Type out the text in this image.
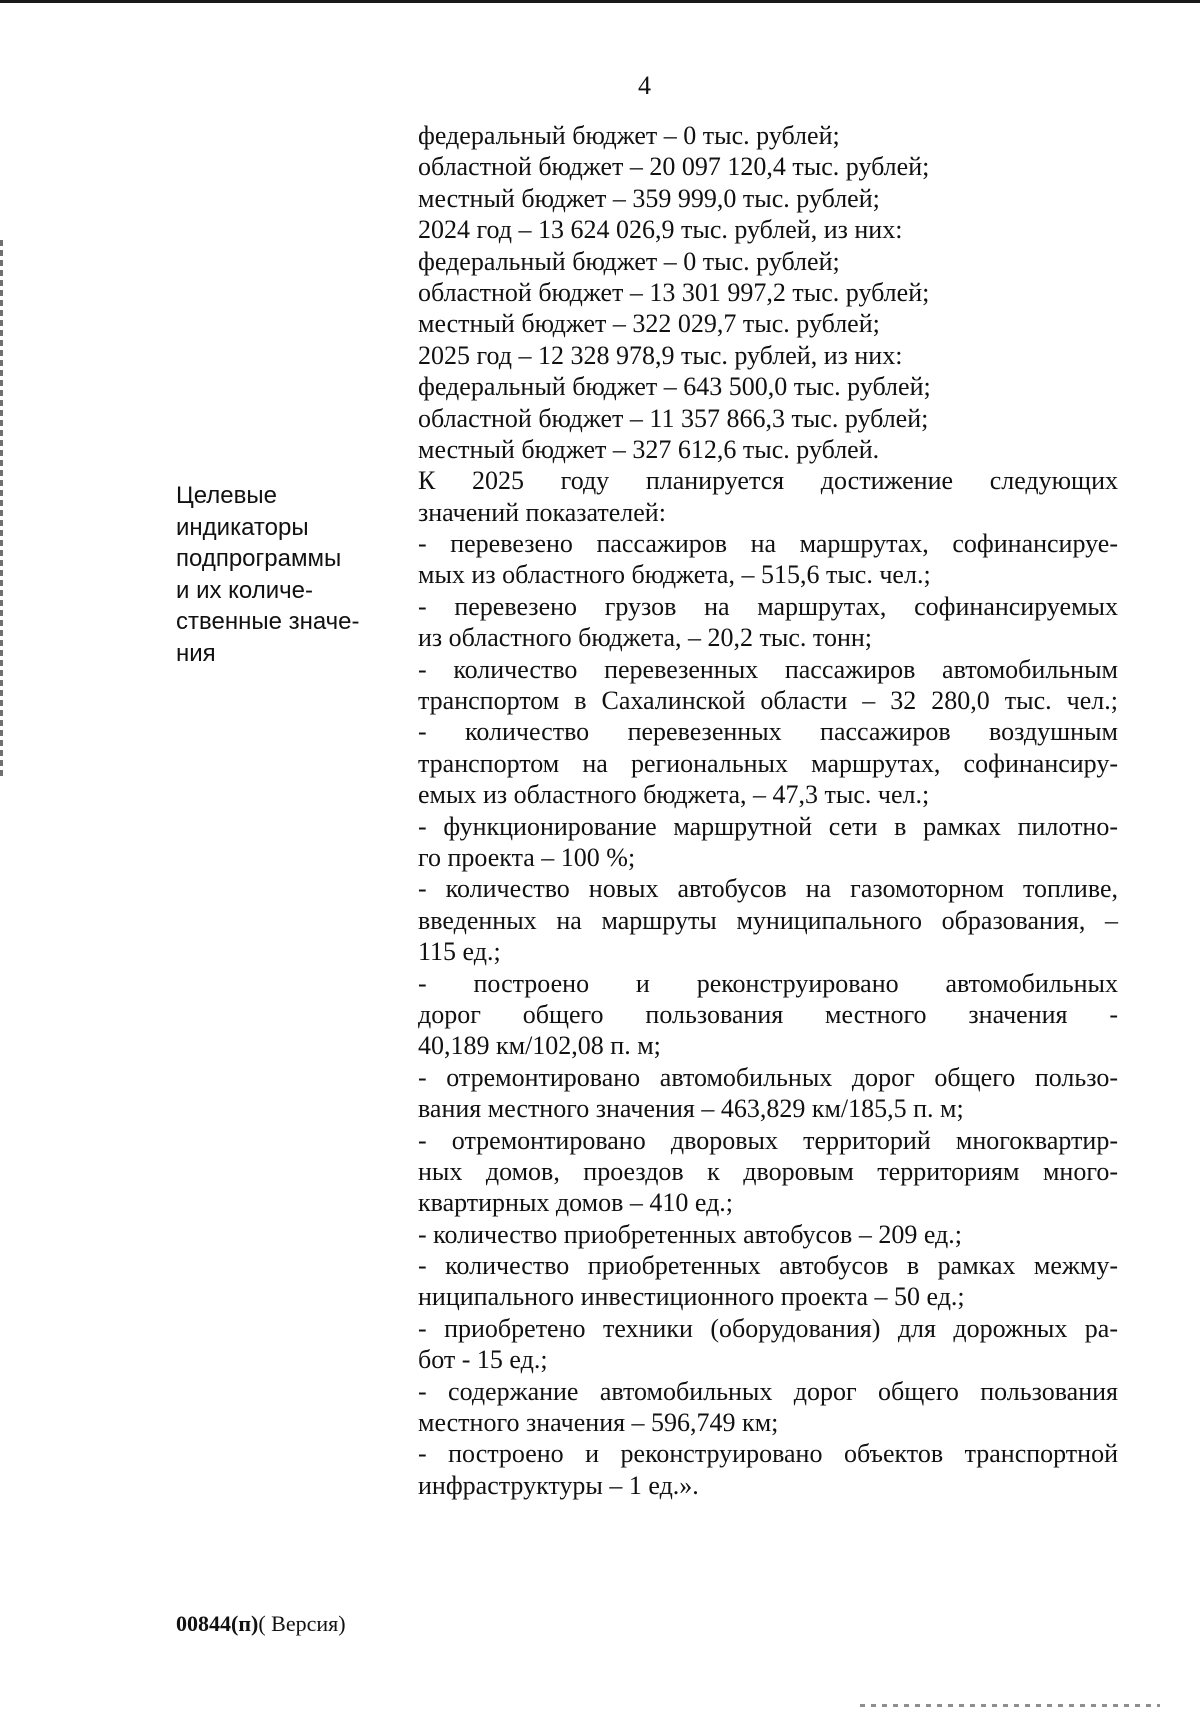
4
Целевые
индикаторы
подпрограммы
и их количе-
ственные значе-
ния
федеральный бюджет – 0 тыс. рублей;
областной бюджет – 20 097 120,4 тыс. рублей;
местный бюджет – 359 999,0 тыс. рублей;
2024 год – 13 624 026,9 тыс. рублей, из них:
федеральный бюджет – 0 тыс. рублей;
областной бюджет – 13 301 997,2 тыс. рублей;
местный бюджет – 322 029,7 тыс. рублей;
2025 год – 12 328 978,9 тыс. рублей, из них:
федеральный бюджет – 643 500,0 тыс. рублей;
областной бюджет – 11 357 866,3 тыс. рублей;
местный бюджет – 327 612,6 тыс. рублей.
К 2025 году планируется достижение следующих
значений показателей:
- перевезено пассажиров на маршрутах, софинансируе-
мых из областного бюджета, – 515,6 тыс. чел.;
- перевезено грузов на маршрутах, софинансируемых
из областного бюджета, – 20,2 тыс. тонн;
- количество перевезенных пассажиров автомобильным
транспортом в Сахалинской области – 32 280,0 тыс. чел.;
- количество перевезенных пассажиров воздушным
транспортом на региональных маршрутах, софинансиру-
емых из областного бюджета, – 47,3 тыс. чел.;
- функционирование маршрутной сети в рамках пилотно-
го проекта – 100 %;
- количество новых автобусов на газомоторном топливе,
введенных на маршруты муниципального образования, –
115 ед.;
- построено и реконструировано автомобильных
дорог общего пользования местного значения -
40,189 км/102,08 п. м;
- отремонтировано автомобильных дорог общего пользо-
вания местного значения – 463,829 км/185,5 п. м;
- отремонтировано дворовых территорий многоквартир-
ных домов, проездов к дворовым территориям много-
квартирных домов – 410 ед.;
- количество приобретенных автобусов – 209 ед.;
- количество приобретенных автобусов в рамках межму-
ниципального инвестиционного проекта – 50 ед.;
- приобретено техники (оборудования) для дорожных ра-
бот - 15 ед.;
- содержание автомобильных дорог общего пользования
местного значения – 596,749 км;
- построено и реконструировано объектов транспортной
инфраструктуры – 1 ед.».
00844(п)( Версия)
